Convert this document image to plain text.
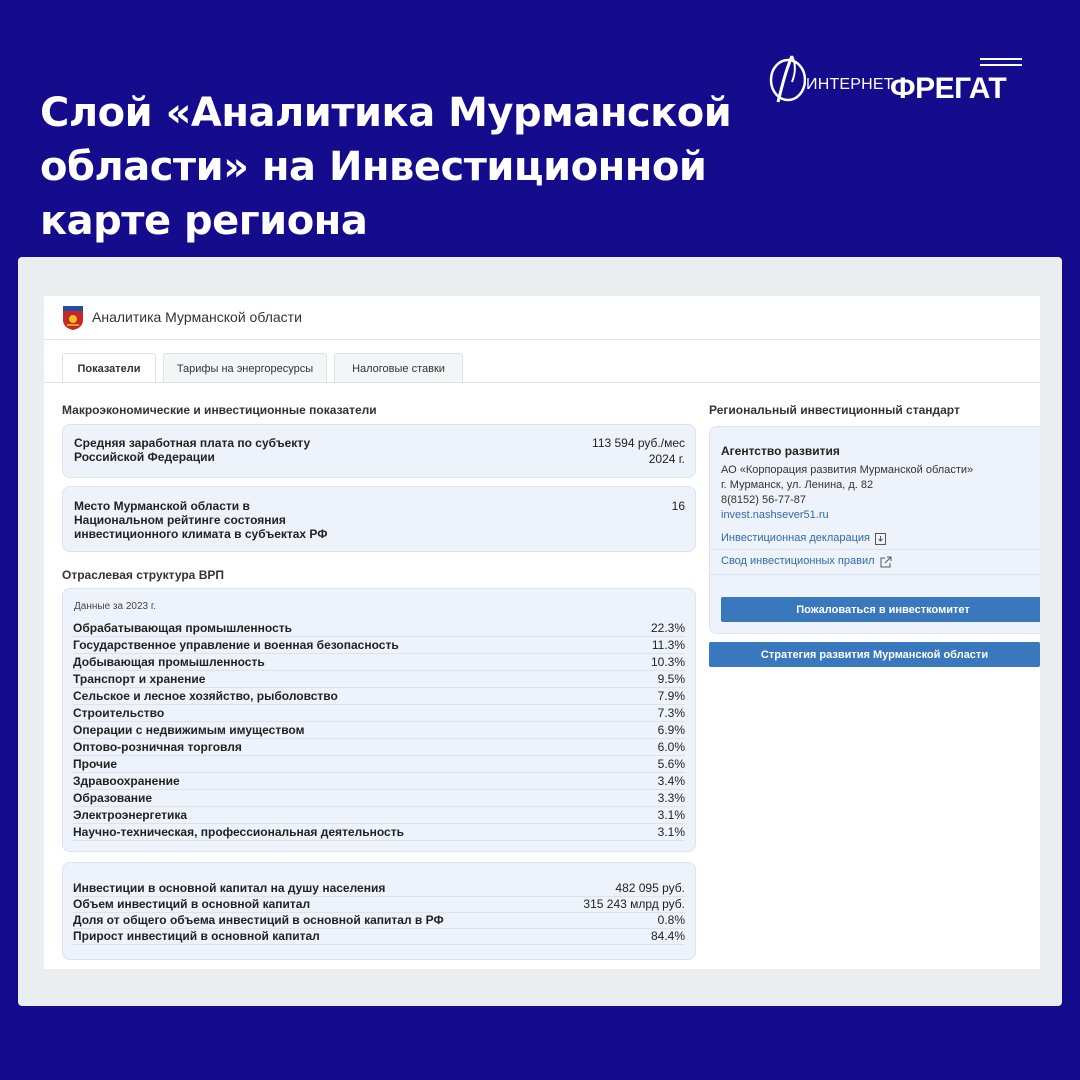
Слой «Аналитика Мурманской
области» на Инвестиционной
карте региона
ИНТЕРНЕТ
ФРЕГАТ
Аналитика Мурманской области
Показатели	Тарифы на энергоресурсы	Налоговые ставки
Макроэкономические и инвестиционные показатели
Средняя заработная плата по субъекту
Российской Федерации
113 594 руб./мес
2024 г.
Место Мурманской области в
Национальном рейтинге состояния
инвестиционного климата в субъектах РФ
16
Отраслевая структура ВРП
Данные за 2023 г.
Обрабатывающая промышленность	22.3%
Государственное управление и военная безопасность	11.3%
Добывающая промышленность	10.3%
Транспорт и хранение	9.5%
Сельское и лесное хозяйство, рыболовство	7.9%
Строительство	7.3%
Операции с недвижимым имуществом	6.9%
Оптово-розничная торговля	6.0%
Прочие	5.6%
Здравоохранение	3.4%
Образование	3.3%
Электроэнергетика	3.1%
Научно-техническая, профессиональная деятельность	3.1%
Инвестиции в основной капитал на душу населения	482 095 руб.
Объем инвестиций в основной капитал	315 243 млрд руб.
Доля от общего объема инвестиций в основной капитал в РФ	0.8%
Прирост инвестиций в основной капитал	84.4%
Региональный инвестиционный стандарт
Агентство развития
АО «Корпорация развития Мурманской области»
г. Мурманск, ул. Ленина, д. 82
8(8152) 56-77-87
invest.nashsever51.ru
Инвестиционная декларация
Свод инвестиционных правил
Пожаловаться в инвесткомитет
Стратегия развития Мурманской области
